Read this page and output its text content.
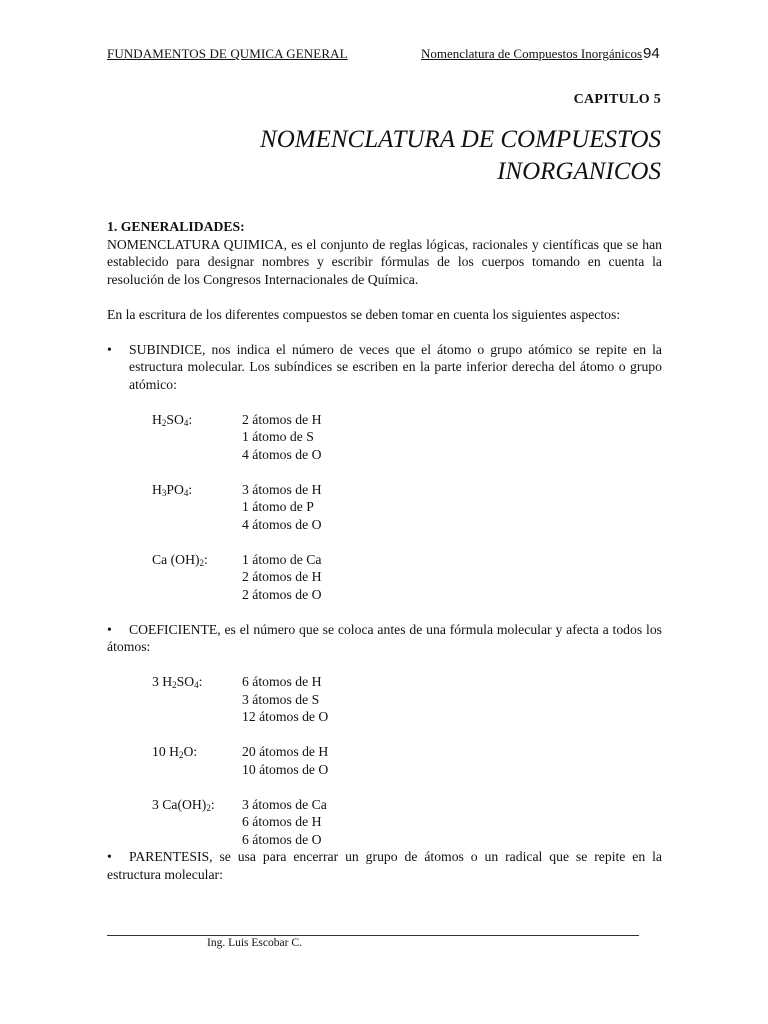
FUNDAMENTOS DE QUMICA GENERAL	Nomenclatura de Compuestos Inorgánicos 94
CAPITULO 5
NOMENCLATURA DE COMPUESTOS
INORGANICOS

1. GENERALIDADES:

NOMENCLATURA QUIMICA, es el conjunto de reglas lógicas, racionales y científicas que se han establecido para designar nombres y escribir fórmulas de los cuerpos tomando en cuenta la resolución de los Congresos Internacionales de Química.

En la escritura de los diferentes compuestos se deben tomar en cuenta los siguientes aspectos:

• SUBINDICE, nos indica el número de veces que el átomo o grupo atómico se repite en la estructura molecular. Los subíndices se escriben en la parte inferior derecha del átomo o grupo atómico:
$H_2SO_4$:	2 átomos de H
1 átomo de S
4 átomos de O
$H_3PO_4$:	3 átomos de H
1 átomo de P
4 átomos de O
Ca $(OH)_2$:	1 átomo de Ca
2 átomos de H
2 átomos de O
• COEFICIENTE, es el número que se coloca antes de una fórmula molecular y afecta a todos los átomos:
3 $H_2SO_4$:	6 átomos de H
3 átomos de S
12 átomos de O
10 $H_2O$:	20 átomos de H
10 átomos de O
3 $Ca(OH)_2$:	3 átomos de Ca
6 átomos de H
6 átomos de O
• PARENTESIS, se usa para encerrar un grupo de átomos o un radical que se repite en la estructura molecular:
Ing. Luis Escobar C.
